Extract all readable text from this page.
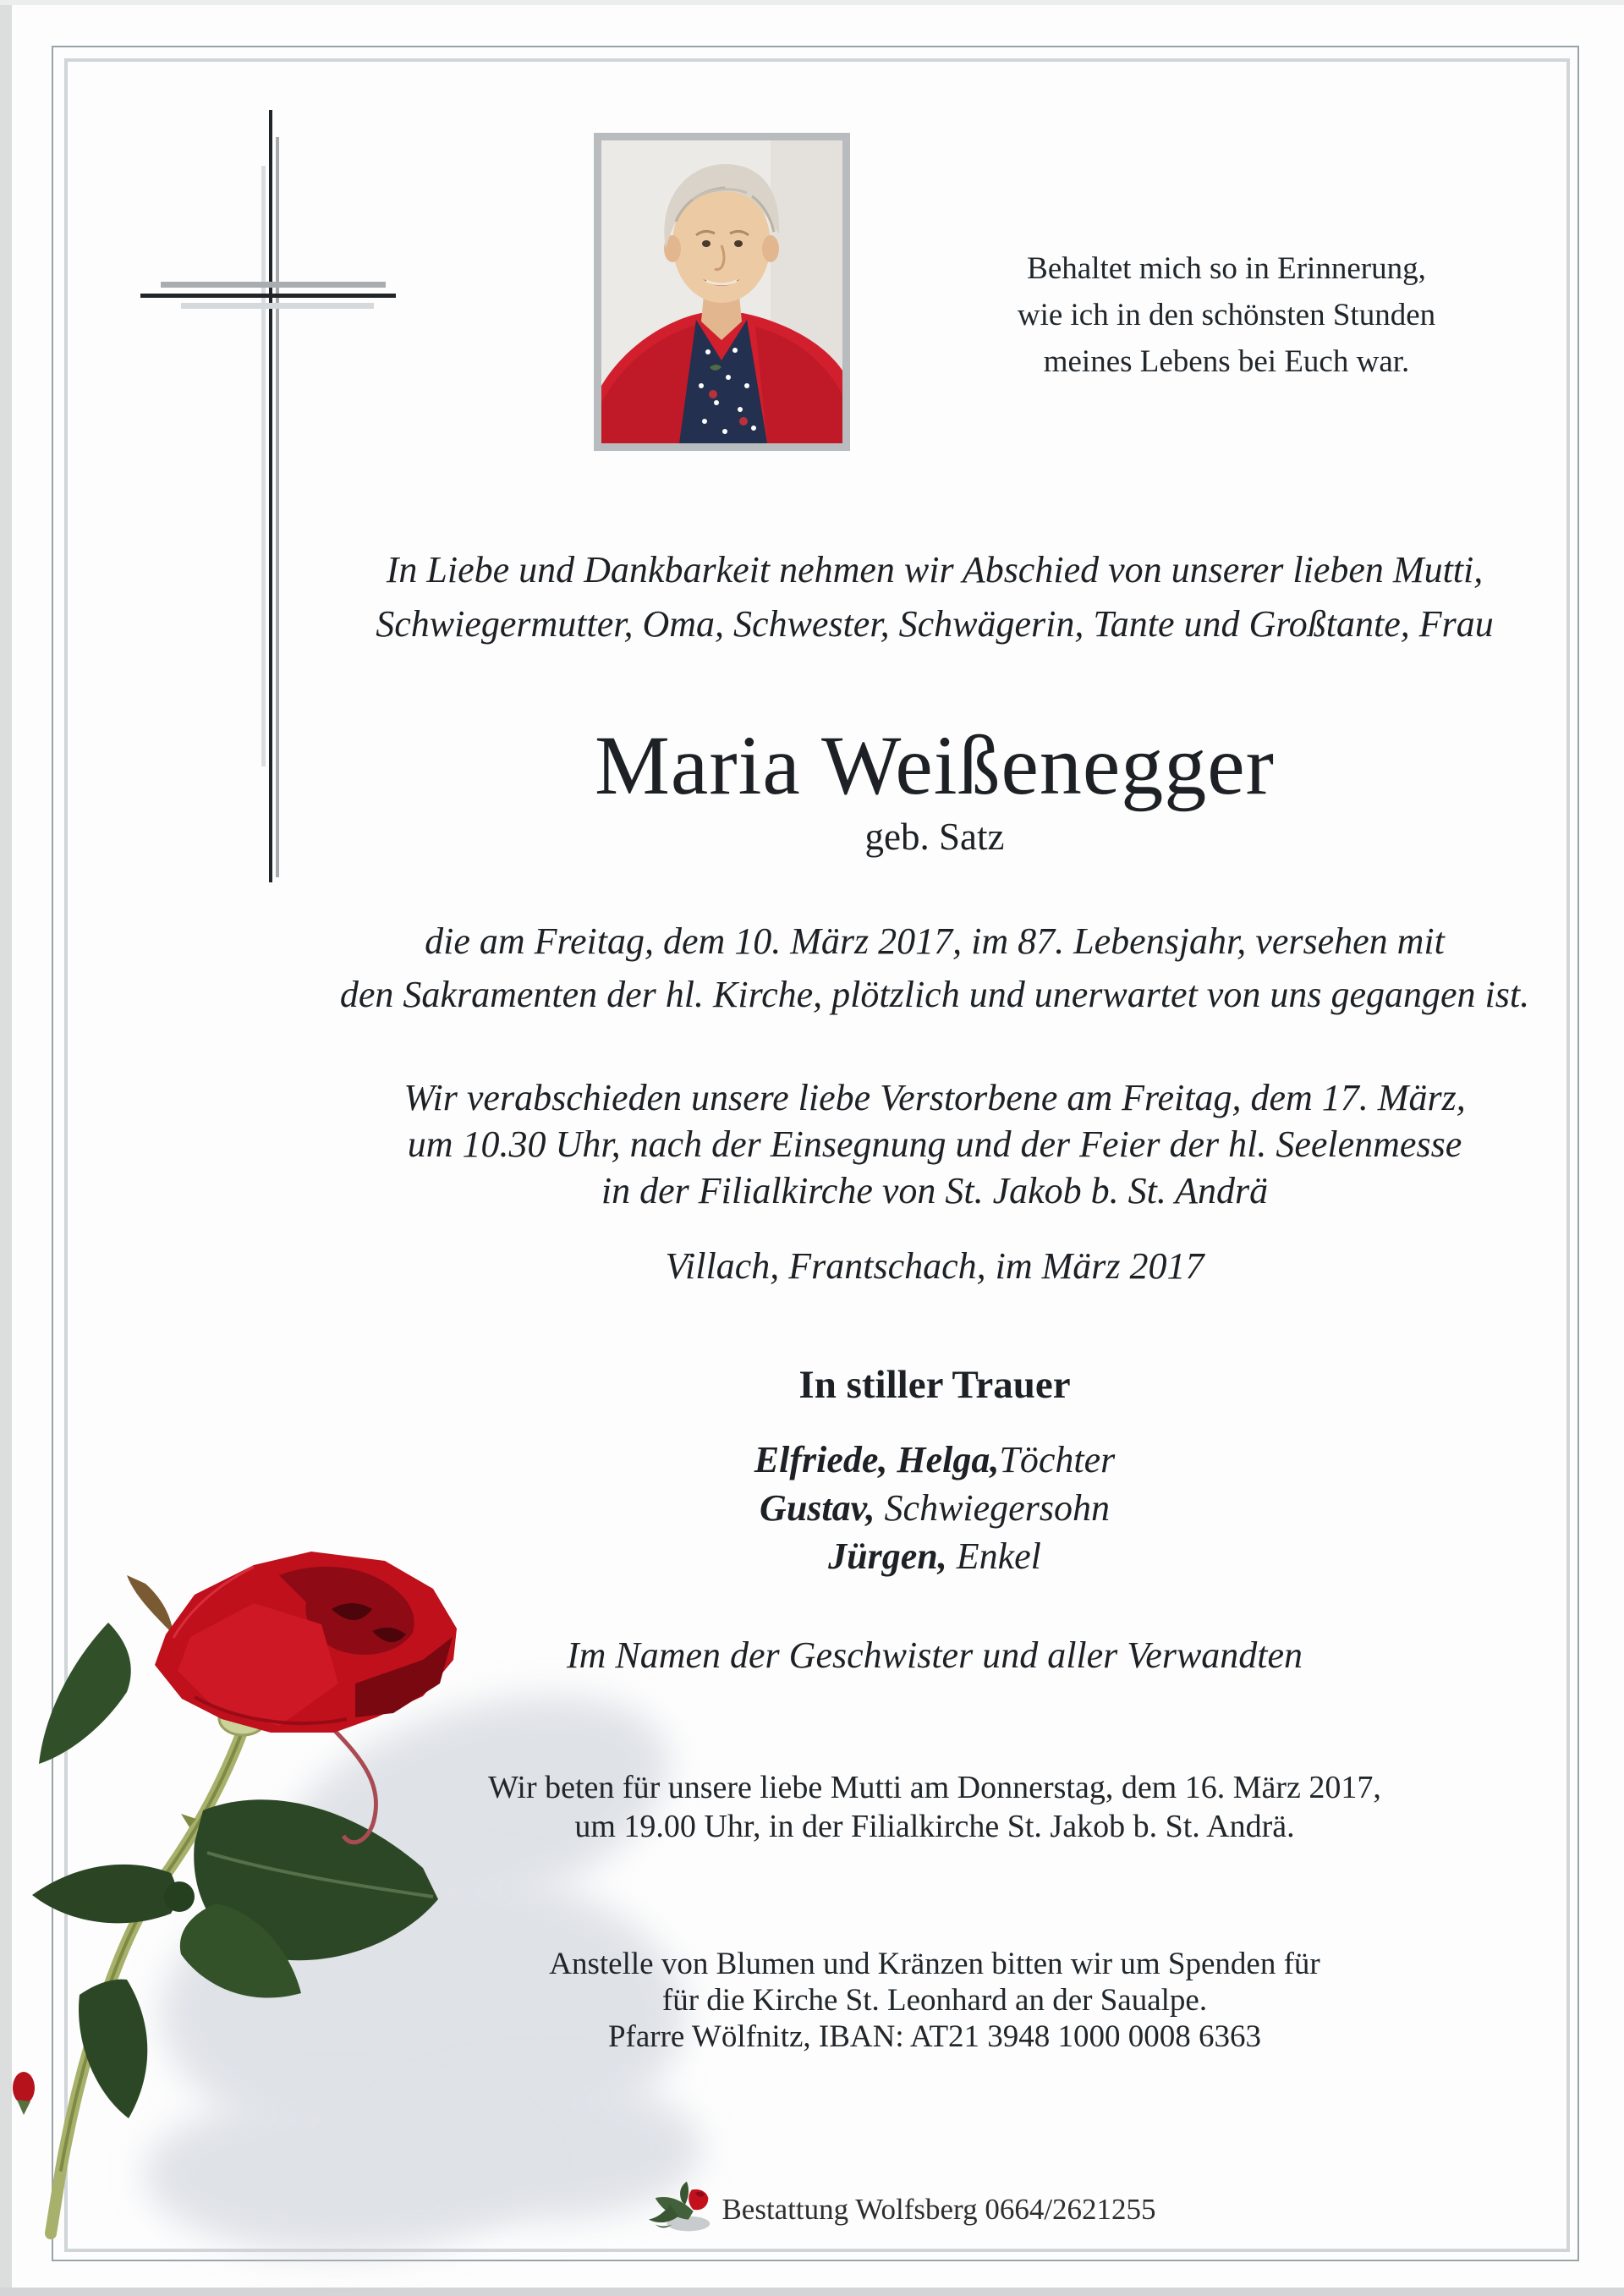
Behaltet mich so in Erinnerung,
wie ich in den schönsten Stunden
meines Lebens bei Euch war.
In Liebe und Dankbarkeit nehmen wir Abschied von unserer lieben Mutti,
Schwiegermutter, Oma, Schwester, Schwägerin, Tante und Großtante, Frau
Maria Weißenegger
geb. Satz
die am Freitag, dem 10. März 2017, im 87. Lebensjahr, versehen mit
den Sakramenten der hl. Kirche, plötzlich und unerwartet von uns gegangen ist.
Wir verabschieden unsere liebe Verstorbene am Freitag, dem 17. März,
um 10.30 Uhr, nach der Einsegnung und der Feier der hl. Seelenmesse
in der Filialkirche von St. Jakob b. St. Andrä
Villach, Frantschach, im März 2017
In stiller Trauer
Elfriede, Helga,Töchter
Gustav, Schwiegersohn
Jürgen, Enkel
Im Namen der Geschwister und aller Verwandten
Wir beten für unsere liebe Mutti am Donnerstag, dem 16. März 2017,
um 19.00 Uhr, in der Filialkirche St. Jakob b. St. Andrä.
Anstelle von Blumen und Kränzen bitten wir um Spenden für
für die Kirche St. Leonhard an der Saualpe.
Pfarre Wölfnitz, IBAN: AT21 3948 1000 0008 6363
Bestattung Wolfsberg 0664/2621255
